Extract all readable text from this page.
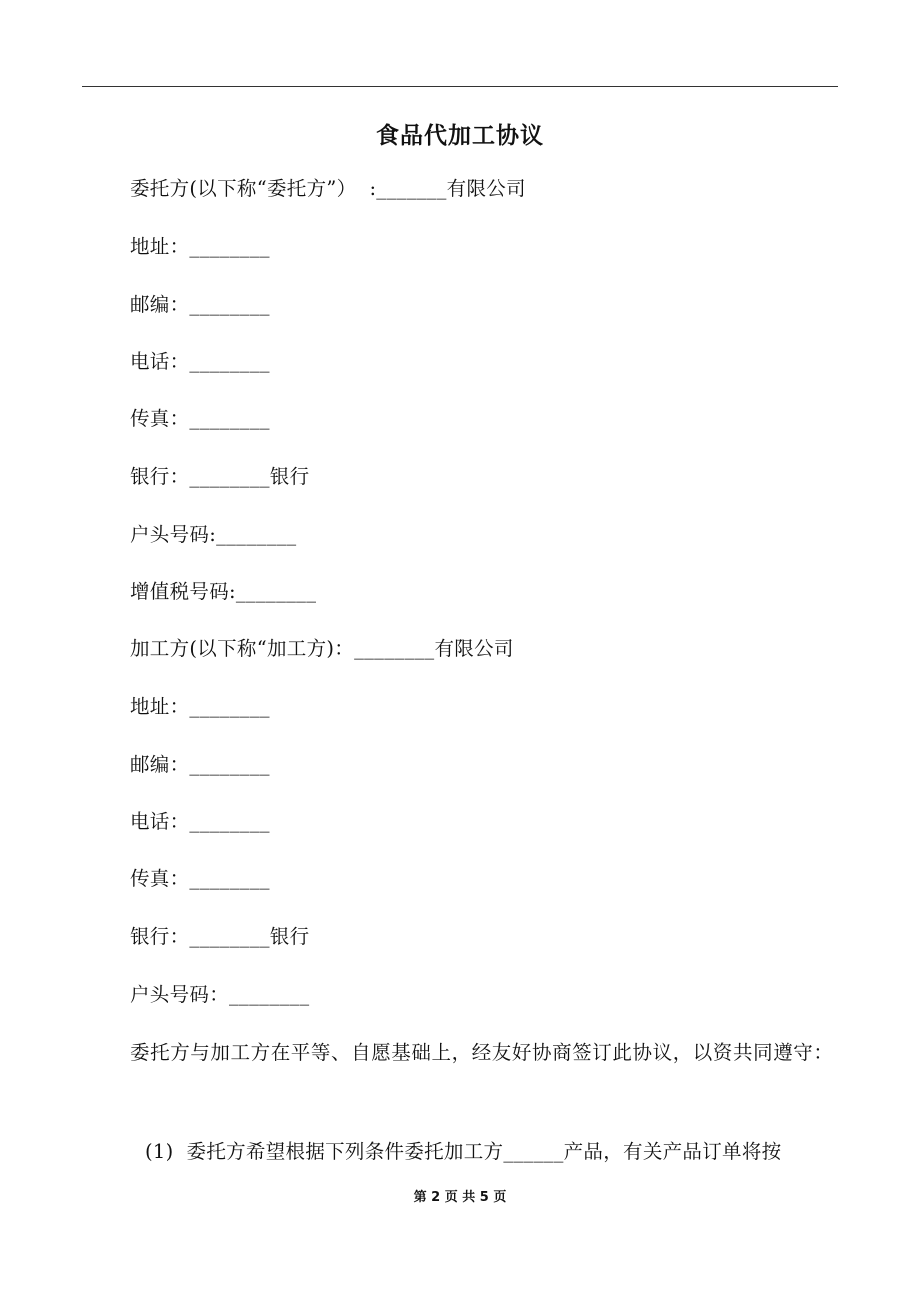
食品代加工协议
委托方(以下称“委托方”）  :_______有限公司
地址：________
邮编：________
电话：________
传真：________
银行：________银行
户头号码:________
增值税号码:________
加工方(以下称“加工方)：________有限公司
地址：________
邮编：________
电话：________
传真：________
银行：________银行
户头号码：________
委托方与加工方在平等、自愿基础上，经友好协商签订此协议，以资共同遵守：
(1)  委托方希望根据下列条件委托加工方______产品，有关产品订单将按
第 2 页 共 5 页
